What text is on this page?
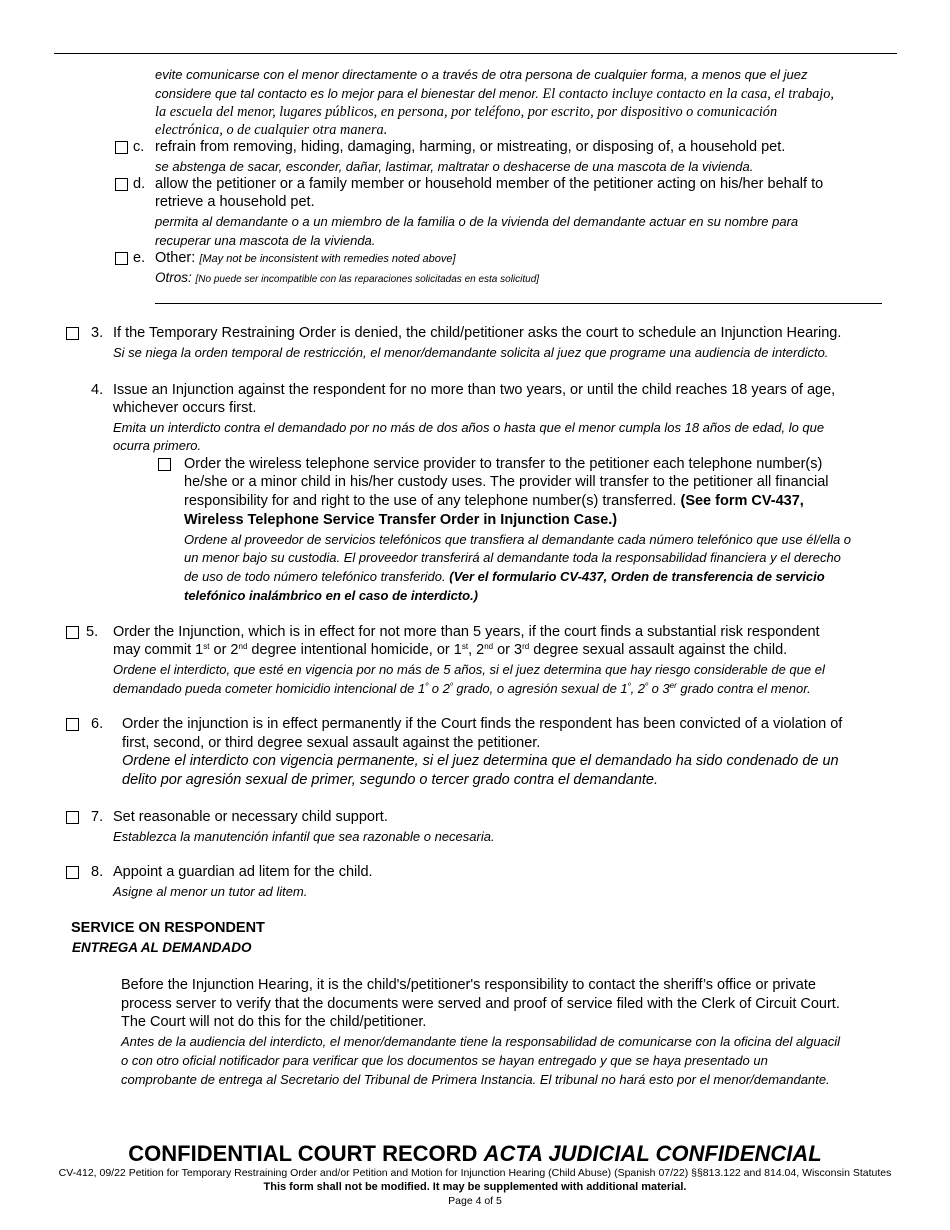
evite comunicarse con el menor directamente o a través de otra persona de cualquier forma, a menos que el juez
considere que tal contacto es lo mejor para el bienestar del menor. El contacto incluye contacto en la casa, el trabajo,
la escuela del menor, lugares públicos, en persona, por teléfono, por escrito, por dispositivo o comunicación
electrónica, o de cualquier otra manera.
c. refrain from removing, hiding, damaging, harming, or mistreating, or disposing of, a household pet.
se abstenga de sacar, esconder, dañar, lastimar, maltratar o deshacerse de una mascota de la vivienda.
d. allow the petitioner or a family member or household member of the petitioner acting on his/her behalf to
retrieve a household pet.
permita al demandante o a un miembro de la familia o de la vivienda del demandante actuar en su nombre para
recuperar una mascota de la vivienda.
e. Other: [May not be inconsistent with remedies noted above]
Otros: [No puede ser incompatible con las reparaciones solicitadas en esta solicitud]
3. If the Temporary Restraining Order is denied, the child/petitioner asks the court to schedule an Injunction Hearing.
Si se niega la orden temporal de restricción, el menor/demandante solicita al juez que programe una audiencia de interdicto.
4. Issue an Injunction against the respondent for no more than two years, or until the child reaches 18 years of age,
whichever occurs first.
Emita un interdicto contra el demandado por no más de dos años o hasta que el menor cumpla los 18 años de edad, lo que
ocurra primero.
Order the wireless telephone service provider to transfer to the petitioner each telephone number(s)
he/she or a minor child in his/her custody uses. The provider will transfer to the petitioner all financial
responsibility for and right to the use of any telephone number(s) transferred. (See form CV-437,
Wireless Telephone Service Transfer Order in Injunction Case.)
Ordene al proveedor de servicios telefónicos que transfiera al demandante cada número telefónico que use él/ella o
un menor bajo su custodia. El proveedor transferirá al demandante toda la responsabilidad financiera y el derecho
de uso de todo número telefónico transferido. (Ver el formulario CV-437, Orden de transferencia de servicio
telefónico inalámbrico en el caso de interdicto.)
5. Order the Injunction, which is in effect for not more than 5 years, if the court finds a substantial risk respondent
may commit 1st or 2nd degree intentional homicide, or 1st, 2nd or 3rd degree sexual assault against the child.
Ordene el interdicto, que esté en vigencia por no más de 5 años, si el juez determina que hay riesgo considerable de que el
demandado pueda cometer homicidio intencional de $1^º$ o $2^º$ grado, o agresión sexual de $1^º$, $2^º$ o 3er grado contra el menor.
6. Order the injunction is in effect permanently if the Court finds the respondent has been convicted of a violation of
first, second, or third degree sexual assault against the petitioner.
Ordene el interdicto con vigencia permanente, si el juez determina que el demandado ha sido condenado de un
delito por agresión sexual de primer, segundo o tercer grado contra el demandante.
7. Set reasonable or necessary child support.
Establezca la manutención infantil que sea razonable o necesaria.
8. Appoint a guardian ad litem for the child.
Asigne al menor un tutor ad litem.
SERVICE ON RESPONDENT
ENTREGA AL DEMANDADO
Before the Injunction Hearing, it is the child's/petitioner's responsibility to contact the sheriff’s office or private
process server to verify that the documents were served and proof of service filed with the Clerk of Circuit Court.
The Court will not do this for the child/petitioner.
Antes de la audiencia del interdicto, el menor/demandante tiene la responsabilidad de comunicarse con la oficina del alguacil
o con otro oficial notificador para verificar que los documentos se hayan entregado y que se haya presentado un
comprobante de entrega al Secretario del Tribunal de Primera Instancia. El tribunal no hará esto por el menor/demandante.
CONFIDENTIAL COURT RECORD ACTA JUDICIAL CONFIDENCIAL
CV-412, 09/22 Petition for Temporary Restraining Order and/or Petition and Motion for Injunction Hearing (Child Abuse) (Spanish 07/22) §§813.122 and 814.04, Wisconsin Statutes
This form shall not be modified. It may be supplemented with additional material.
Page 4 of 5
